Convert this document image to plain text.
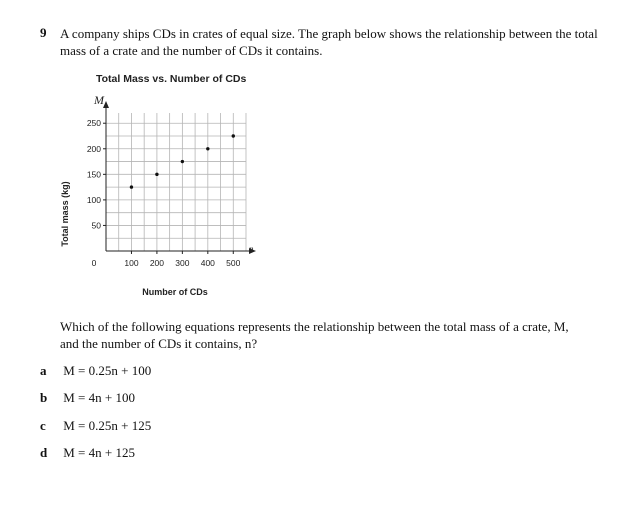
9 A company ships CDs in crates of equal size. The graph below shows the relationship between the total mass of a crate and the number of CDs it contains.
Total Mass vs. Number of CDs
M
Total mass (kg)	50
100
150
200
250
100 200 300 400 500
0
n
Number of CDs
Which of the following equations represents the relationship between the total mass of a crate, M, and the number of CDs it contains, n?
a M = 0.25n + 100
b M = 4n + 100
c M = 0.25n + 125
d M = 4n + 125
